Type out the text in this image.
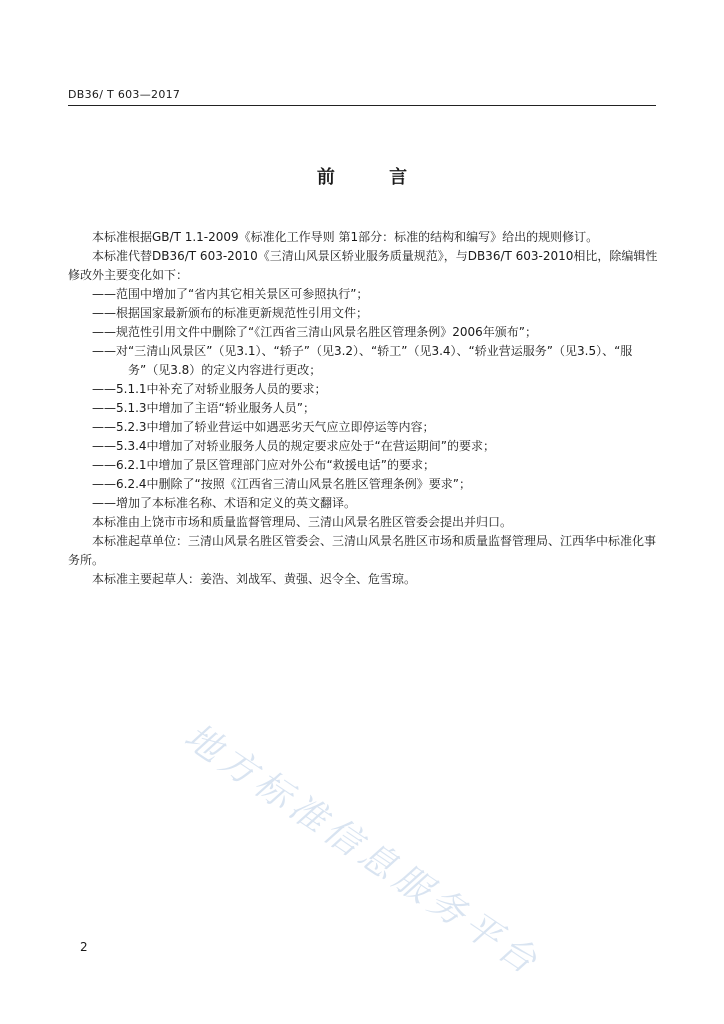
DB36/ T 603—2017
前 言

本标准根据GB/T 1.1-2009《标准化工作导则 第1部分：标准的结构和编写》给出的规则修订。

本标准代替DB36/T 603-2010《三清山风景区轿业服务质量规范》，与DB36/T 603-2010相比，除编辑性修改外主要变化如下：

——范围中增加了“省内其它相关景区可参照执行”；

——根据国家最新颁布的标准更新规范性引用文件；

——规范性引用文件中删除了“《江西省三清山风景名胜区管理条例》2006年颁布”；

——对“三清山风景区”（见3.1）、“轿子”（见3.2）、“轿工”（见3.4）、“轿业营运服务”（见3.5）、“服务”（见3.8）的定义内容进行更改；

——5.1.1中补充了对轿业服务人员的要求；

——5.1.3中增加了主语“轿业服务人员”；

——5.2.3中增加了轿业营运中如遇恶劣天气应立即停运等内容；

——5.3.4中增加了对轿业服务人员的规定要求应处于“在营运期间”的要求；

——6.2.1中增加了景区管理部门应对外公布“救援电话”的要求；

——6.2.4中删除了“按照《江西省三清山风景名胜区管理条例》要求”；

——增加了本标准名称、术语和定义的英文翻译。

本标准由上饶市市场和质量监督管理局、三清山风景名胜区管委会提出并归口。

本标准起草单位：三清山风景名胜区管委会、三清山风景名胜区市场和质量监督管理局、江西华中标准化事务所。

本标准主要起草人：姜浩、刘战军、黄强、迟令全、危雪琼。

地方标准信息服务平台
2
